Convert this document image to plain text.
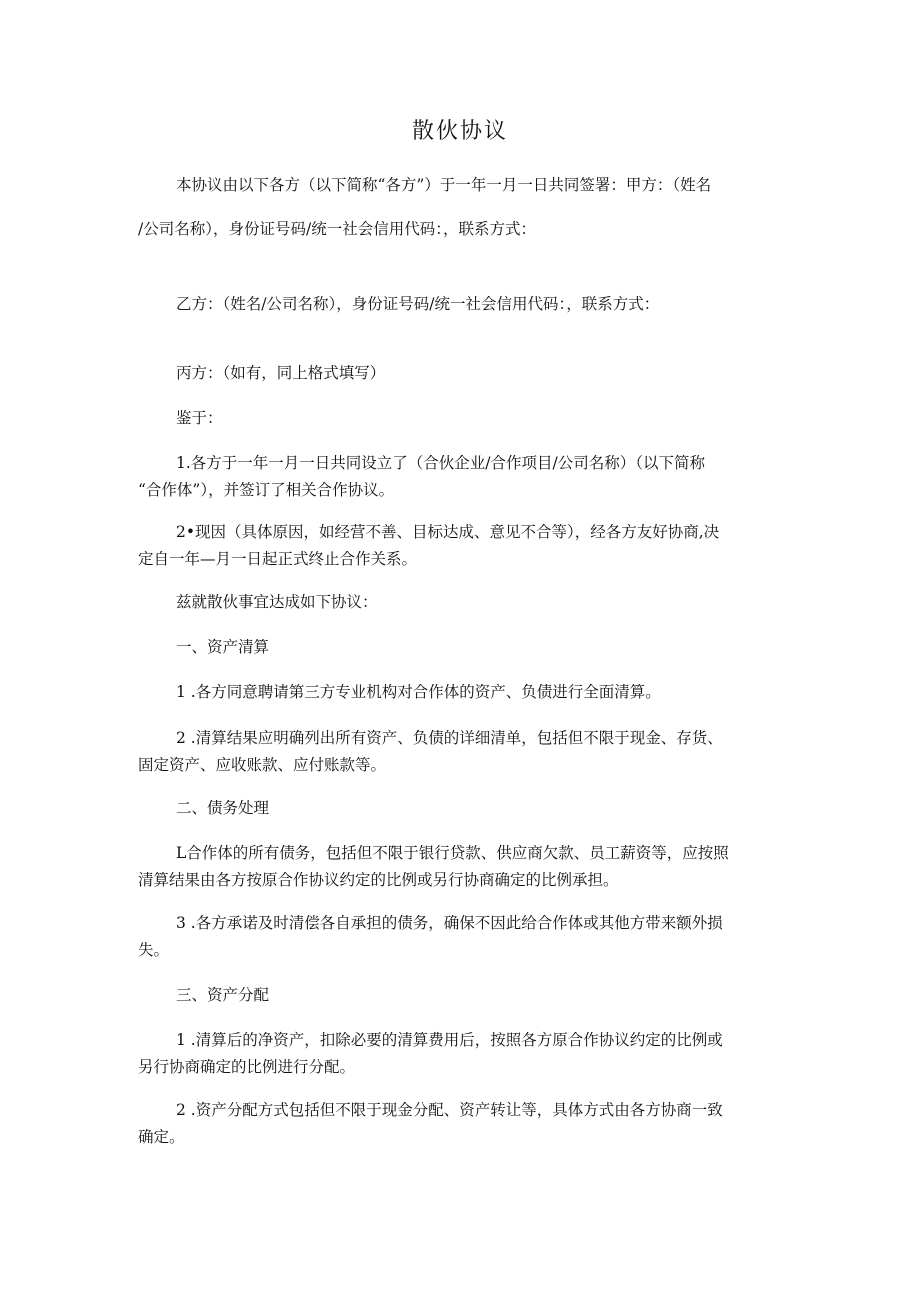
散伙协议
本协议由以下各方（以下简称“各方”）于一年一月一日共同签署：甲方：（姓名
/公司名称），身份证号码/统一社会信用代码：，联系方式：
乙方：（姓名/公司名称），身份证号码/统一社会信用代码：，联系方式：
丙方：（如有，同上格式填写）
鉴于：
1.各方于一年一月一日共同设立了（合伙企业/合作项目/公司名称）（以下简称
“合作体”），并签订了相关合作协议。
2•现因（具体原因，如经营不善、目标达成、意见不合等），经各方友好协商,决
定自一年—月一日起正式终止合作关系。
兹就散伙事宜达成如下协议：
一、资产清算
1 .各方同意聘请第三方专业机构对合作体的资产、负债进行全面清算。
2 .清算结果应明确列出所有资产、负债的详细清单，包括但不限于现金、存货、
固定资产、应收账款、应付账款等。
二、债务处理
L合作体的所有债务，包括但不限于银行贷款、供应商欠款、员工薪资等，应按照
清算结果由各方按原合作协议约定的比例或另行协商确定的比例承担。
3 .各方承诺及时清偿各自承担的债务，确保不因此给合作体或其他方带来额外损
失。
三、资产分配
1 .清算后的净资产，扣除必要的清算费用后，按照各方原合作协议约定的比例或
另行协商确定的比例进行分配。
2 .资产分配方式包括但不限于现金分配、资产转让等，具体方式由各方协商一致
确定。
